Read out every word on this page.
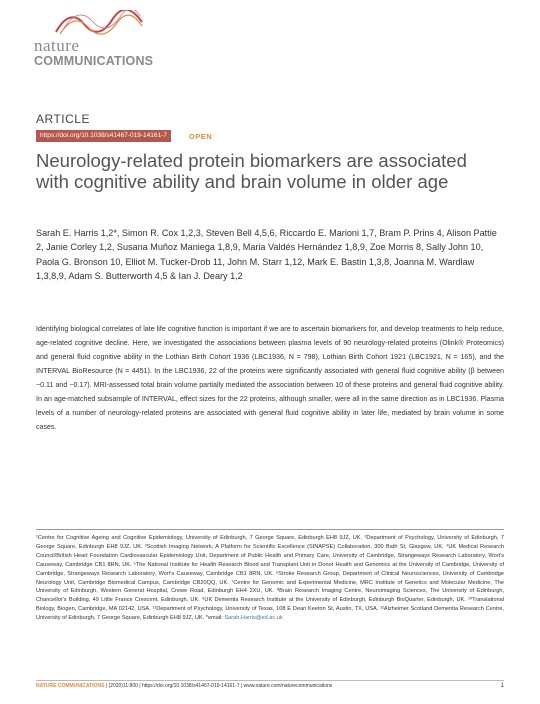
nature
COMMUNICATIONS
ARTICLE
https://doi.org/10.1038/s41467-019-14161-7	OPEN
Neurology-related protein biomarkers are associated with cognitive ability and brain volume in older age
Sarah E. Harris 1,2*, Simon R. Cox 1,2,3, Steven Bell 4,5,6, Riccardo E. Marioni 1,7, Bram P. Prins 4, Alison Pattie 2, Janie Corley 1,2, Susana Muñoz Maniega 1,8,9, Maria Valdés Hernández 1,8,9, Zoe Morris 8, Sally John 10, Paola G. Bronson 10, Elliot M. Tucker-Drob 11, John M. Starr 1,12, Mark E. Bastin 1,3,8, Joanna M. Wardlaw 1,3,8,9, Adam S. Butterworth 4,5 & Ian J. Deary 1,2
Identifying biological correlates of late life cognitive function is important if we are to ascertain biomarkers for, and develop treatments to help reduce, age-related cognitive decline. Here, we investigated the associations between plasma levels of 90 neurology-related proteins (Olink® Proteomics) and general fluid cognitive ability in the Lothian Birth Cohort 1936 (LBC1936, N = 798), Lothian Birth Cohort 1921 (LBC1921, N = 165), and the INTERVAL BioResource (N = 4451). In the LBC1936, 22 of the proteins were significantly associated with general fluid cognitive ability (β between −0.11 and −0.17). MRI-assessed total brain volume partially mediated the association between 10 of these proteins and general fluid cognitive ability. In an age-matched subsample of INTERVAL, effect sizes for the 22 proteins, although smaller, were all in the same direction as in LBC1936. Plasma levels of a number of neurology-related proteins are associated with general fluid cognitive ability in later life, mediated by brain volume in some cases.
¹Centre for Cognitive Ageing and Cognitive Epidemiology, University of Edinburgh, 7 George Square, Edinburgh EH8 9JZ, UK. ²Department of Psychology, University of Edinburgh, 7 George Square, Edinburgh EH8 9JZ, UK. ³Scottish Imaging Network, A Platform for Scientific Excellence (SINAPSE) Collaboration, 300 Bath St, Glasgow, UK. ⁴UK Medical Research Council/British Heart Foundation Cardiovascular Epidemiology Unit, Department of Public Health and Primary Care, University of Cambridge, Strangeways Research Laboratory, Wort's Causeway, Cambridge CB1 8RN, UK. ⁵The National Institute for Health Research Blood and Transplant Unit in Donor Health and Genomics at the University of Cambridge, University of Cambridge, Strangeways Research Laboratory, Wort's Causeway, Cambridge CB1 8RN, UK. ⁶Stroke Research Group, Department of Clinical Neurosciences, University of Cambridge Neurology Unit, Cambridge Biomedical Campus, Cambridge CB20QQ, UK. ⁷Centre for Genomic and Experimental Medicine, MRC Institute of Genetics and Molecular Medicine, The University of Edinburgh, Western General Hospital, Crewe Road, Edinburgh EH4 2XU, UK. ⁸Brain Research Imaging Centre, Neuroimaging Sciences, The University of Edinburgh, Chancellor's Building, 49 Little France Crescent, Edinburgh, UK. ⁹UK Dementia Research Institute at the University of Edinburgh, Edinburgh BioQuarter, Edinburgh, UK. ¹⁰Translational Biology, Biogen, Cambridge, MA 02142, USA. ¹¹Department of Psychology, University of Texas, 108 E Dean Keeton St, Austin, TX, USA. ¹²Alzheimer Scotland Dementia Research Centre, University of Edinburgh, 7 George Square, Edinburgh EH8 9JZ, UK. *email: Sarah.Harris@ed.ac.uk
NATURE COMMUNICATIONS | (2020)11:800 | https://doi.org/10.1038/s41467-019-14161-7 | www.nature.com/naturecommunications	1
